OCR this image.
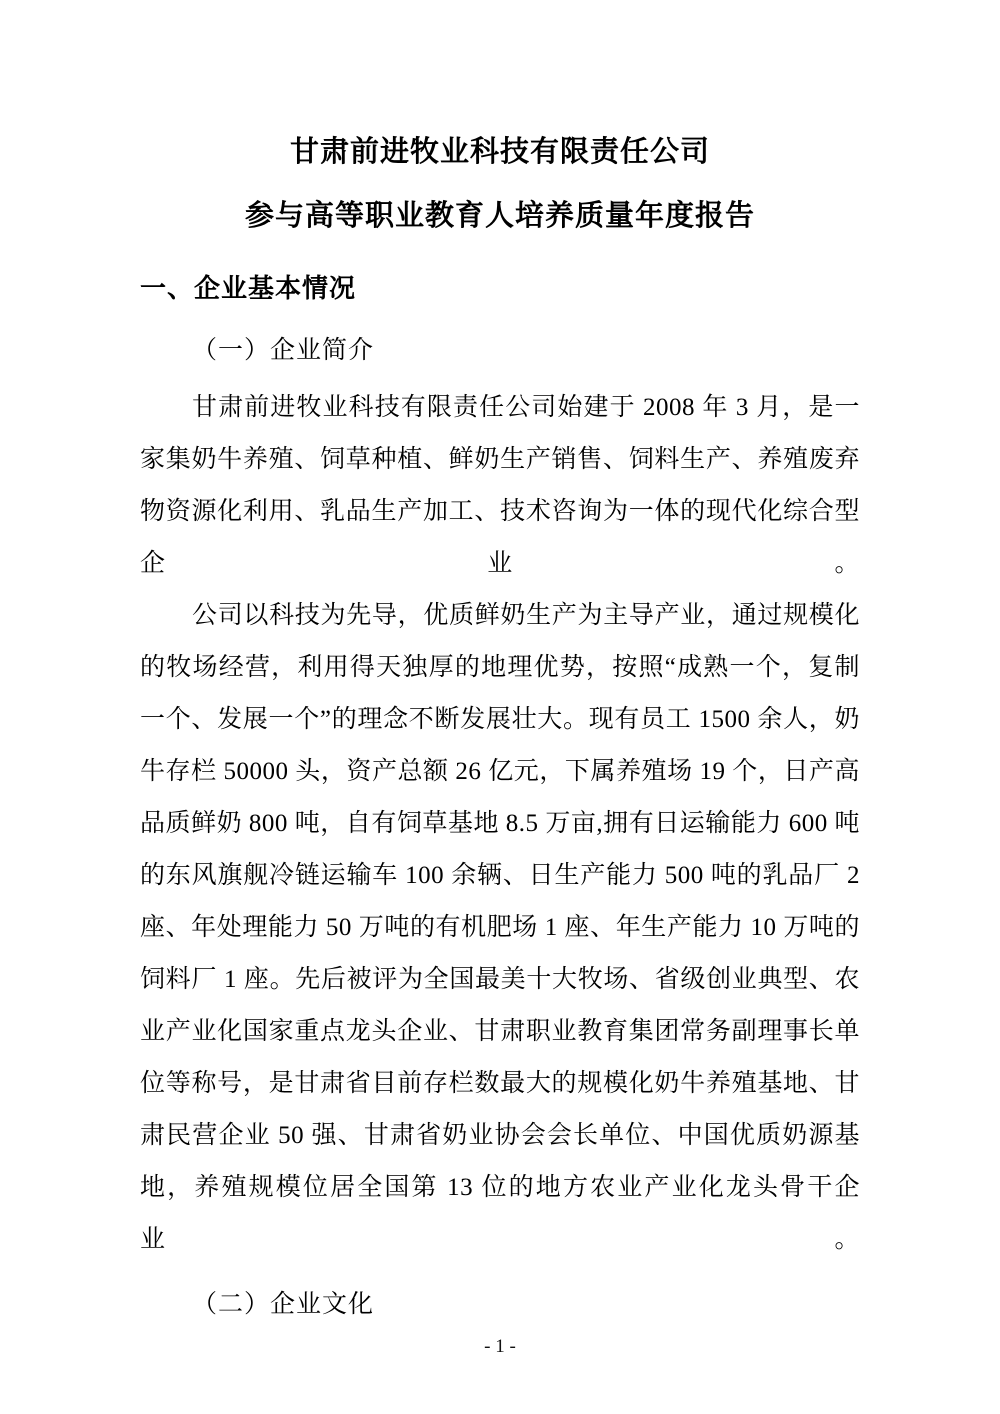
甘肃前进牧业科技有限责任公司
参与高等职业教育人培养质量年度报告
一、企业基本情况
（一）企业简介

甘肃前进牧业科技有限责任公司始建于 2008 年 3 月，是一家集奶牛养殖、饲草种植、鲜奶生产销售、饲料生产、养殖废弃物资源化利用、乳品生产加工、技术咨询为一体的现代化综合型企业。

公司以科技为先导，优质鲜奶生产为主导产业，通过规模化的牧场经营，利用得天独厚的地理优势，按照“成熟一个，复制一个、发展一个”的理念不断发展壮大。现有员工 1500 余人，奶牛存栏 50000 头，资产总额 26 亿元，下属养殖场 19 个，日产高品质鲜奶 800 吨，自有饲草基地 8.5 万亩,拥有日运输能力 600 吨的东风旗舰冷链运输车 100 余辆、日生产能力 500 吨的乳品厂 2 座、年处理能力 50 万吨的有机肥场 1 座、年生产能力 10 万吨的饲料厂 1 座。先后被评为全国最美十大牧场、省级创业典型、农业产业化国家重点龙头企业、甘肃职业教育集团常务副理事长单位等称号，是甘肃省目前存栏数最大的规模化奶牛养殖基地、甘肃民营企业 50 强、甘肃省奶业协会会长单位、中国优质奶源基地，养殖规模位居全国第 13 位的地方农业产业化龙头骨干企业。

（二）企业文化
- 1 -
